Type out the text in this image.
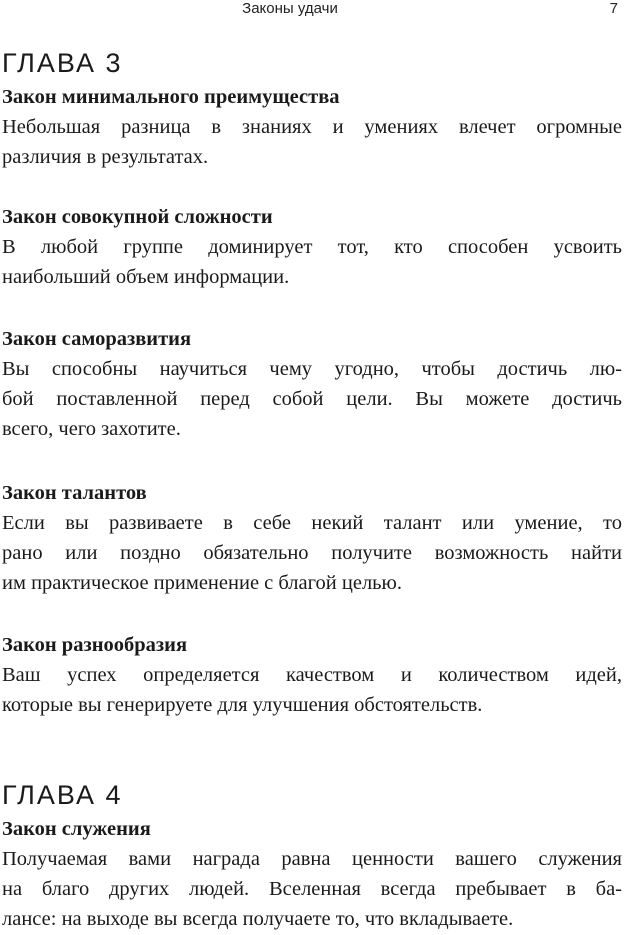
Законы удачи	7
ГЛАВА 3

Закон минимального преимущества

Небольшая разница в знаниях и умениях влечет огромные
различия в результатах.

Закон совокупной сложности

В любой группе доминирует тот, кто способен усвоить
наибольший объем информации.

Закон саморазвития

Вы способны научиться чему угодно, чтобы достичь лю-
бой поставленной перед собой цели. Вы можете достичь
всего, чего захотите.

Закон талантов

Если вы развиваете в себе некий талант или умение, то
рано или поздно обязательно получите возможность найти
им практическое применение с благой целью.

Закон разнообразия

Ваш успех определяется качеством и количеством идей,
которые вы генерируете для улучшения обстоятельств.

ГЛАВА 4

Закон служения

Получаемая вами награда равна ценности вашего служения
на благо других людей. Вселенная всегда пребывает в ба-
лансе: на выходе вы всегда получаете то, что вкладываете.
